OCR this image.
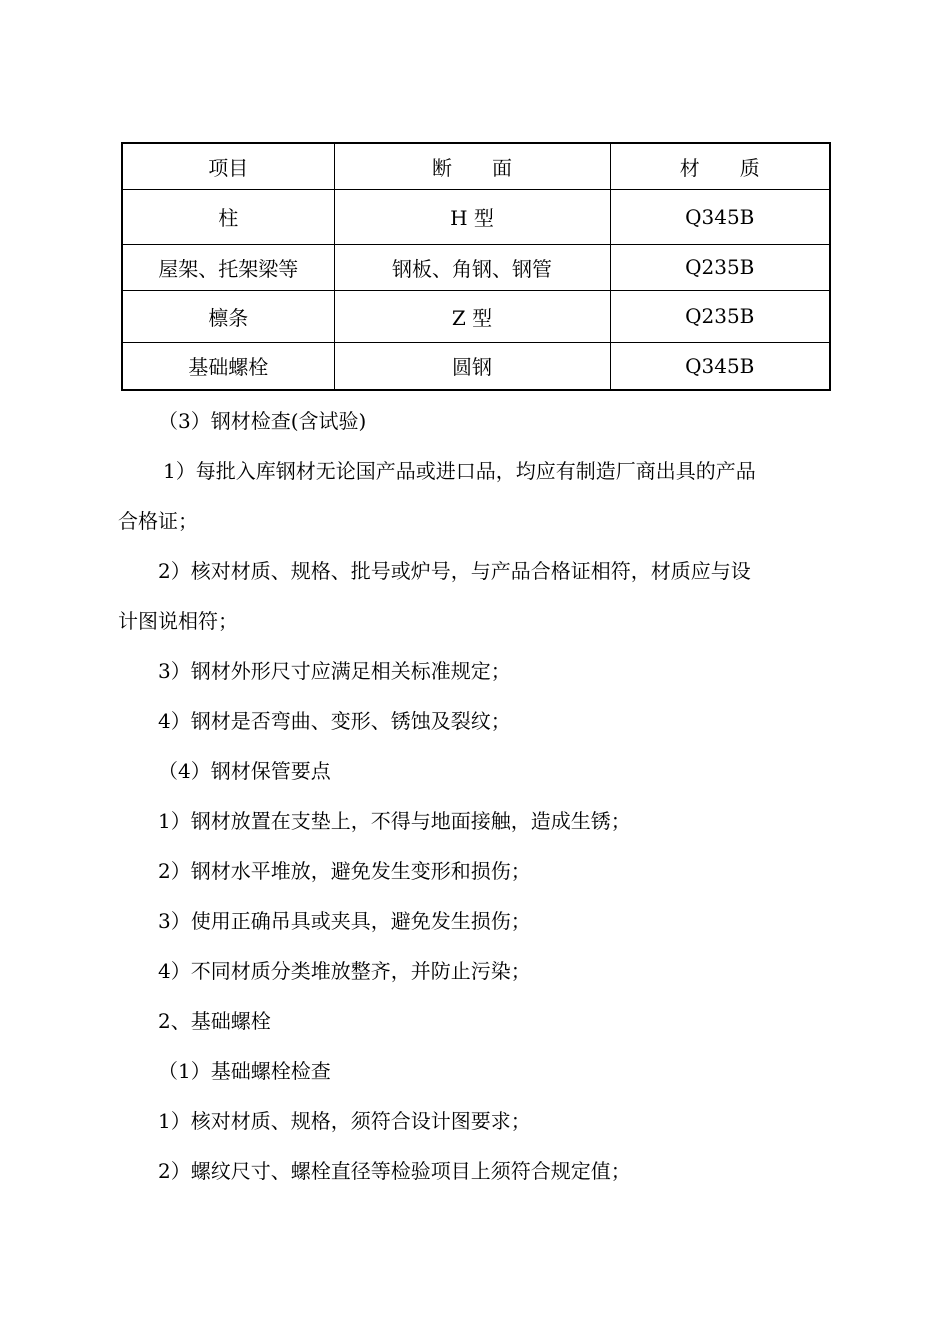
项目	断 面	材 质
柱	H 型	Q345B
屋架、托架梁等	钢板、角钢、钢管	Q235B
檩条	Z 型	Q235B
基础螺栓	圆钢	Q345B
（3）钢材检查(含试验)
1）每批入库钢材无论国产品或进口品，均应有制造厂商出具的产品
合格证；
2）核对材质、规格、批号或炉号，与产品合格证相符，材质应与设
计图说相符；
3）钢材外形尺寸应满足相关标准规定；
4）钢材是否弯曲、变形、锈蚀及裂纹；
（4）钢材保管要点
1）钢材放置在支垫上，不得与地面接触，造成生锈；
2）钢材水平堆放，避免发生变形和损伤；
3）使用正确吊具或夹具，避免发生损伤；
4）不同材质分类堆放整齐，并防止污染；
2、基础螺栓
（1）基础螺栓检查
1）核对材质、规格，须符合设计图要求；
2）螺纹尺寸、螺栓直径等检验项目上须符合规定值；
